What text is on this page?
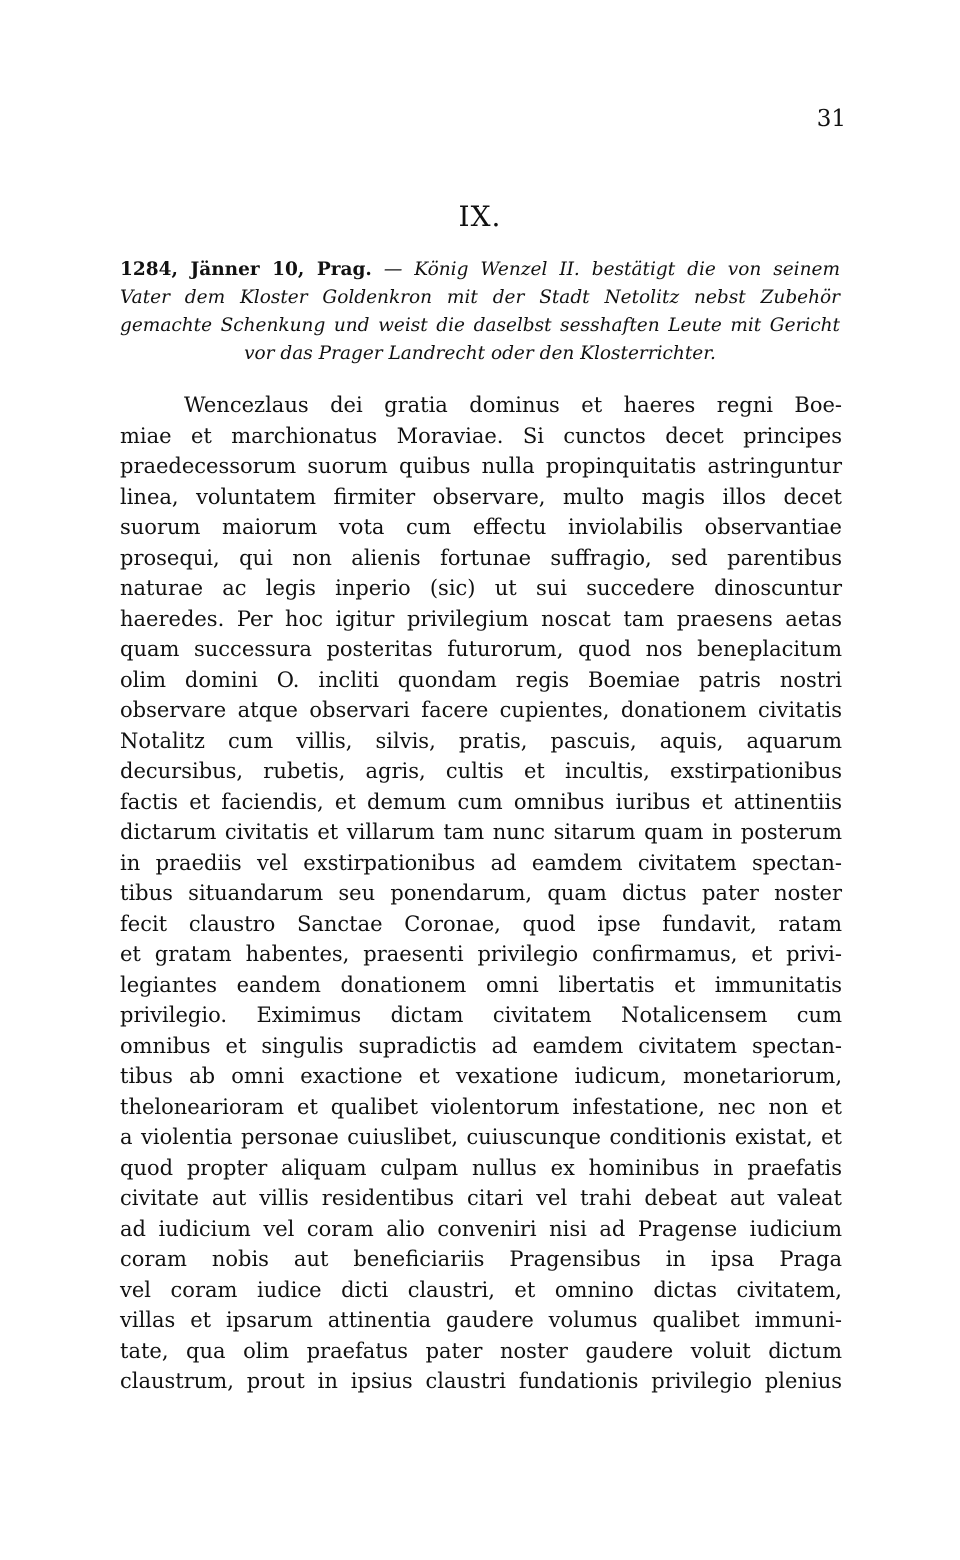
31
IX.
1284, Jänner 10, Prag. — König Wenzel II. bestätigt die von seinem
Vater dem Kloster Goldenkron mit der Stadt Netolitz nebst Zubehör
gemachte Schenkung und weist die daselbst sesshaften Leute mit Gericht
vor das Prager Landrecht oder den Klosterrichter.
Wencezlaus dei gratia dominus et haeres regni Boe-
miae et marchionatus Moraviae. Si cunctos decet principes
praedecessorum suorum quibus nulla propinquitatis astringuntur
linea, voluntatem firmiter observare, multo magis illos decet
suorum maiorum vota cum effectu inviolabilis observantiae
prosequi, qui non alienis fortunae suffragio, sed parentibus
naturae ac legis inperio (sic) ut sui succedere dinoscuntur
haeredes. Per hoc igitur privilegium noscat tam praesens aetas
quam successura posteritas futurorum, quod nos beneplacitum
olim domini O. incliti quondam regis Boemiae patris nostri
observare atque observari facere cupientes, donationem civitatis
Notalitz cum villis, silvis, pratis, pascuis, aquis, aquarum
decursibus, rubetis, agris, cultis et incultis, exstirpationibus
factis et faciendis, et demum cum omnibus iuribus et attinentiis
dictarum civitatis et villarum tam nunc sitarum quam in posterum
in praediis vel exstirpationibus ad eamdem civitatem spectan-
tibus situandarum seu ponendarum, quam dictus pater noster
fecit claustro Sanctae Coronae, quod ipse fundavit, ratam
et gratam habentes, praesenti privilegio confirmamus, et privi-
legiantes eandem donationem omni libertatis et immunitatis
privilegio. Eximimus dictam civitatem Notalicensem cum
omnibus et singulis supradictis ad eamdem civitatem spectan-
tibus ab omni exactione et vexatione iudicum, monetariorum,
thelonearioram et qualibet violentorum infestatione, nec non et
a violentia personae cuiuslibet, cuiuscunque conditionis existat, et
quod propter aliquam culpam nullus ex hominibus in praefatis
civitate aut villis residentibus citari vel trahi debeat aut valeat
ad iudicium vel coram alio conveniri nisi ad Pragense iudicium
coram nobis aut beneficiariis Pragensibus in ipsa Praga
vel coram iudice dicti claustri, et omnino dictas civitatem,
villas et ipsarum attinentia gaudere volumus qualibet immuni-
tate, qua olim praefatus pater noster gaudere voluit dictum
claustrum, prout in ipsius claustri fundationis privilegio plenius
